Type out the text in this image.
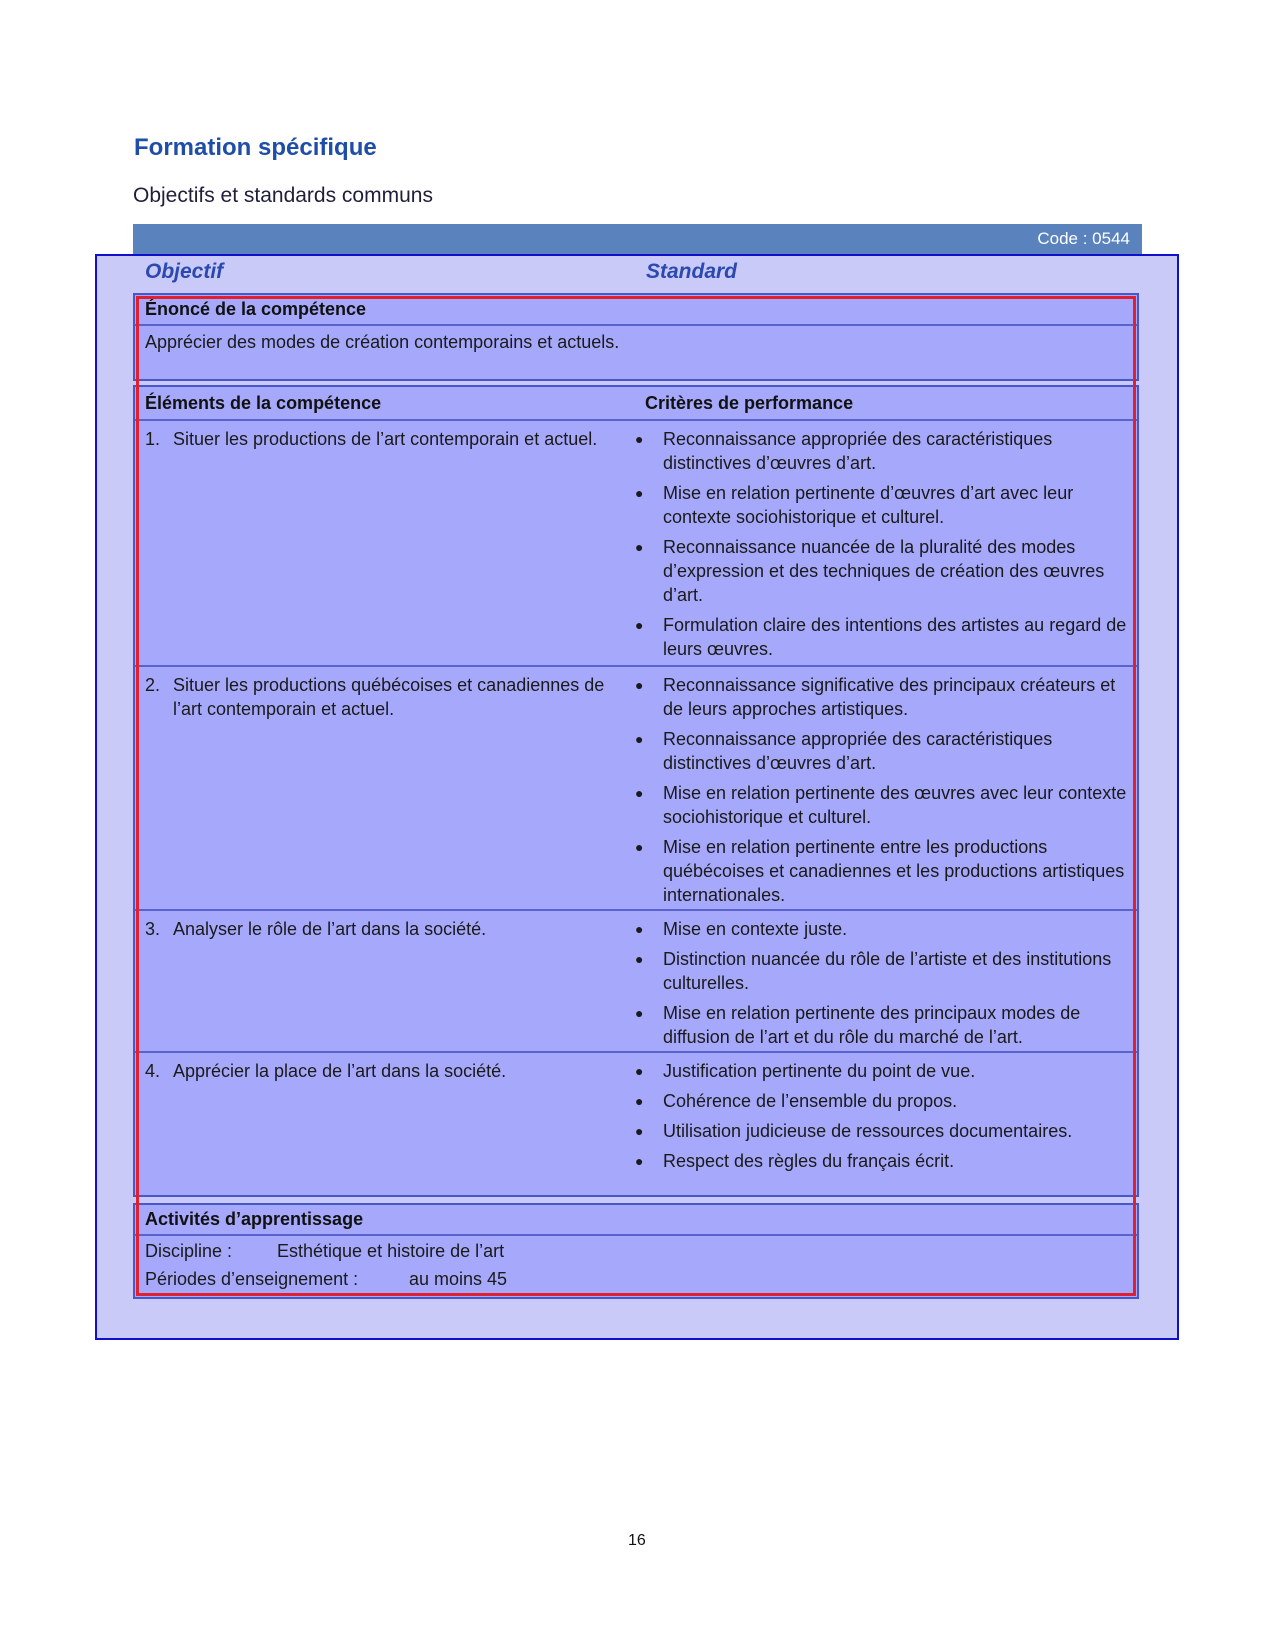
Formation spécifique
Objectifs et standards communs
Code : 0544
Objectif	Standard
Énoncé de la compétence
Apprécier des modes de création contemporains et actuels.
Éléments de la compétence	Critères de performance
1. Situer les productions de l’art contemporain et actuel.	●	Reconnaissance appropriée des caractéristiques distinctives d’œuvres d’art.
●	Mise en relation pertinente d’œuvres d’art avec leur contexte sociohistorique et culturel.
●	Reconnaissance nuancée de la pluralité des modes d’expression et des techniques de création des œuvres d’art.
●	Formulation claire des intentions des artistes au regard de leurs œuvres.
2. Situer les productions québécoises et canadiennes de l’art contemporain et actuel.
●	Reconnaissance significative des principaux créateurs et de leurs approches artistiques.
●	Reconnaissance appropriée des caractéristiques distinctives d’œuvres d’art.
●	Mise en relation pertinente des œuvres avec leur contexte sociohistorique et culturel.
●	Mise en relation pertinente entre les productions québécoises et canadiennes et les productions artistiques internationales.
3. Analyser le rôle de l’art dans la société.	●	Mise en contexte juste.
●	Distinction nuancée du rôle de l’artiste et des institutions culturelles.
●	Mise en relation pertinente des principaux modes de diffusion de l’art et du rôle du marché de l’art.
4. Apprécier la place de l’art dans la société.	●	Justification pertinente du point de vue.
●	Cohérence de l’ensemble du propos.
●	Utilisation judicieuse de ressources documentaires.
●	Respect des règles du français écrit.
Activités d’apprentissage
Discipline :	Esthétique et histoire de l’art
Périodes d’enseignement :	au moins 45
16
